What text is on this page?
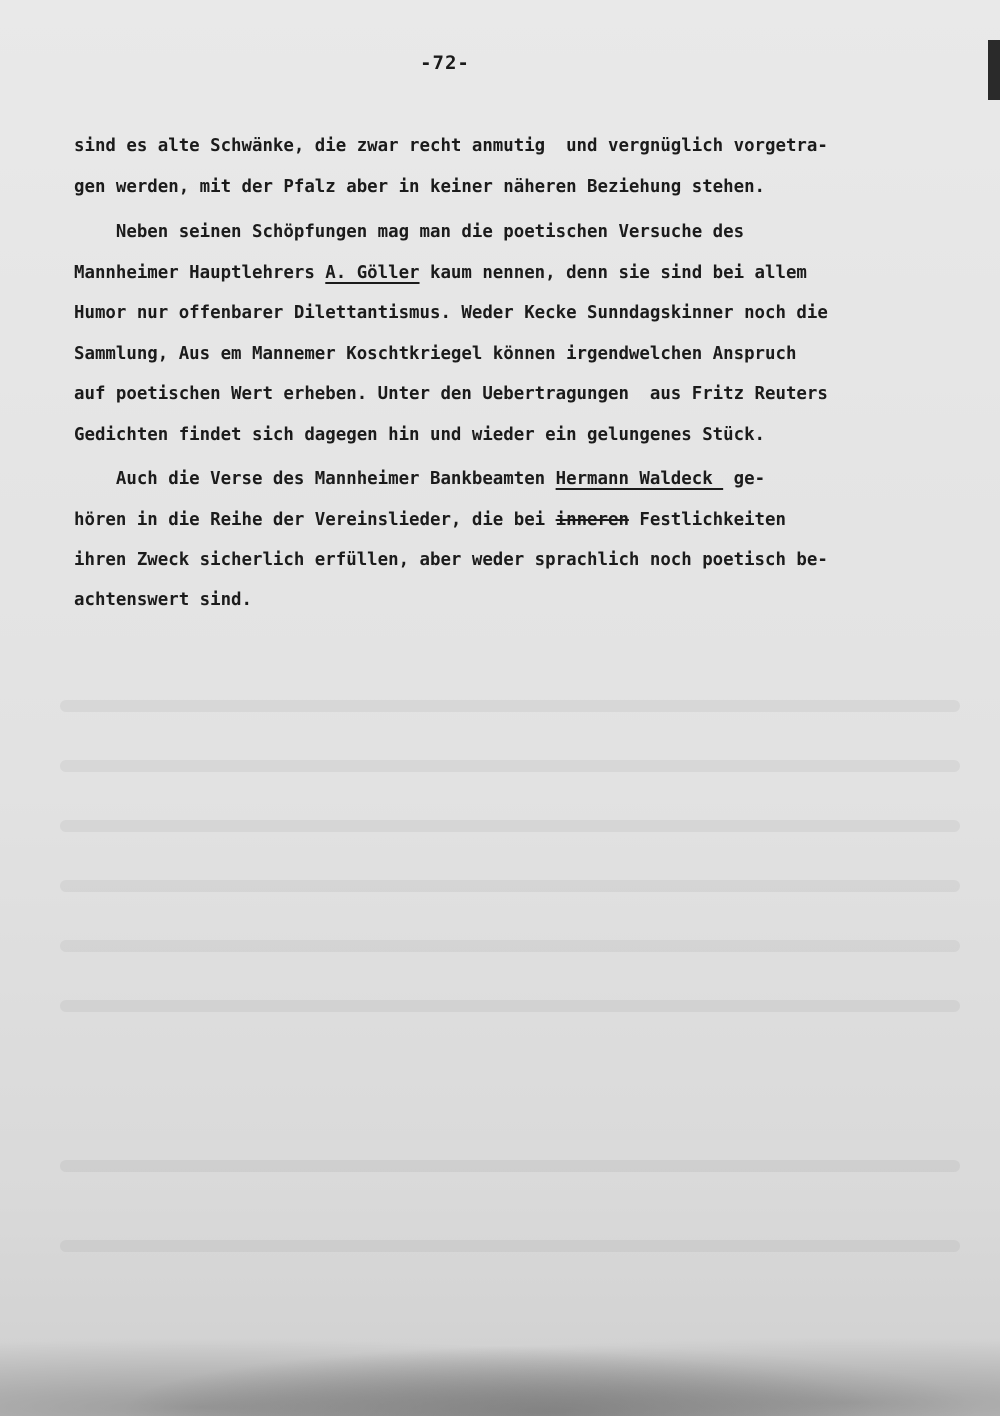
-72-
sind es alte Schwänke, die zwar recht anmutig  und vergnüglich vorgetra-
gen werden, mit der Pfalz aber in keiner näheren Beziehung stehen.
Neben seinen Schöpfungen mag man die poetischen Versuche des
Mannheimer Hauptlehrers A. Göller kaum nennen, denn sie sind bei allem
Humor nur offenbarer Dilettantismus. Weder Kecke Sunndagskinner noch die
Sammlung, Aus em Mannemer Koschtkriegel können irgendwelchen Anspruch
auf poetischen Wert erheben. Unter den Uebertragungen  aus Fritz Reuters
Gedichten findet sich dagegen hin und wieder ein gelungenes Stück.
Auch die Verse des Mannheimer Bankbeamten Hermann Waldeck  ge-
hören in die Reihe der Vereinslieder, die bei inneren Festlichkeiten
ihren Zweck sicherlich erfüllen, aber weder sprachlich noch poetisch be-
achtenswert sind.
